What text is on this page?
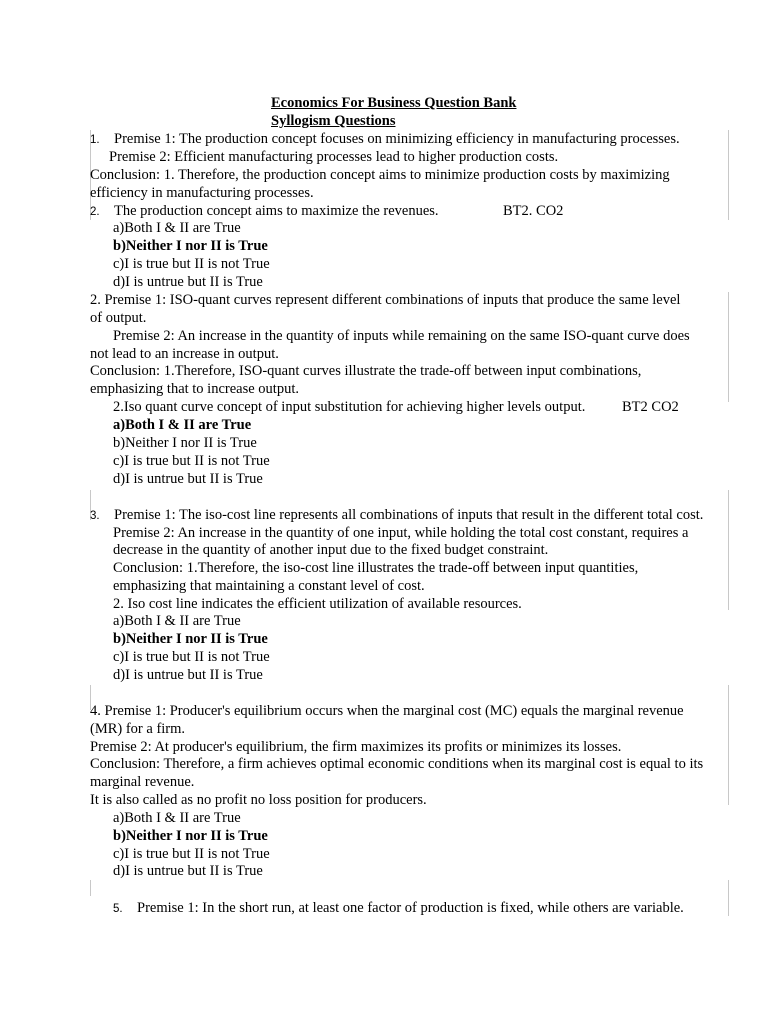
Economics For Business Question Bank
Syllogism Questions
1. Premise 1: The production concept focuses on minimizing efficiency in manufacturing processes.
Premise 2: Efficient manufacturing processes lead to higher production costs.
Conclusion: 1. Therefore, the production concept aims to minimize production costs by maximizing
efficiency in manufacturing processes.
2. The production concept aims to maximize the revenues.	BT2. CO2
a)Both I & II are True
b)Neither I nor II is True
c)I is true but II is not True
d)I is untrue but II is True
2. Premise 1: ISO-quant curves represent different combinations of inputs that produce the same level
of output.
Premise 2: An increase in the quantity of inputs while remaining on the same ISO-quant curve does
not lead to an increase in output.
Conclusion: 1.Therefore, ISO-quant curves illustrate the trade-off between input combinations,
emphasizing that to increase output.
2.Iso quant curve concept of input substitution for achieving higher levels output.	BT2 CO2
a)Both I & II are True
b)Neither I nor II is True
c)I is true but II is not True
d)I is untrue but II is True
3. Premise 1: The iso-cost line represents all combinations of inputs that result in the different total cost.
Premise 2: An increase in the quantity of one input, while holding the total cost constant, requires a
decrease in the quantity of another input due to the fixed budget constraint.
Conclusion: 1.Therefore, the iso-cost line illustrates the trade-off between input quantities,
emphasizing that maintaining a constant level of cost.
2. Iso cost line indicates the efficient utilization of available resources.
a)Both I & II are True
b)Neither I nor II is True
c)I is true but II is not True
d)I is untrue but II is True
4. Premise 1: Producer's equilibrium occurs when the marginal cost (MC) equals the marginal revenue
(MR) for a firm.
Premise 2: At producer's equilibrium, the firm maximizes its profits or minimizes its losses.
Conclusion: Therefore, a firm achieves optimal economic conditions when its marginal cost is equal to its
marginal revenue.
It is also called as no profit no loss position for producers.
a)Both I & II are True
b)Neither I nor II is True
c)I is true but II is not True
d)I is untrue but II is True
5. Premise 1: In the short run, at least one factor of production is fixed, while others are variable.
